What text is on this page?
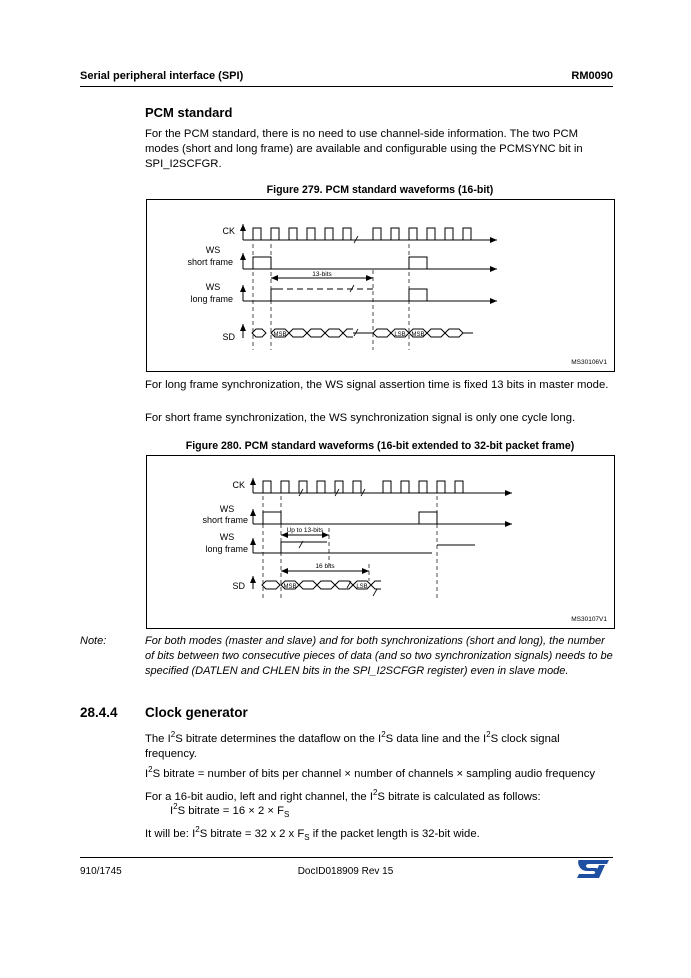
Serial peripheral interface (SPI)	RM0090
PCM standard
For the PCM standard, there is no need to use channel-side information. The two PCM modes (short and long frame) are available and configurable using the PCMSYNC bit in SPI_I2SCFGR.
Figure 279. PCM standard waveforms (16-bit)
CK
WS
short frame
WS
long frame
SD
13-bits
MSB	LSB MSB
MS30106V1
For long frame synchronization, the WS signal assertion time is fixed 13 bits in master mode.
For short frame synchronization, the WS synchronization signal is only one cycle long.
Figure 280. PCM standard waveforms (16-bit extended to 32-bit packet frame)
CK
WS
short frame
WS
long frame
SD
Up to 13-bits
16 bits
MSB	LSB
MS30107V1
Note:	For both modes (master and slave) and for both synchronizations (short and long), the number of bits between two consecutive pieces of data (and so two synchronization signals) needs to be specified (DATLEN and CHLEN bits in the SPI_I2SCFGR register) even in slave mode.
28.4.4 Clock generator
The $I^2S$ bitrate determines the dataflow on the $I^2S$ data line and the $I^2S$ clock signal
frequency.
$I^2S$ bitrate = number of bits per channel × number of channels × sampling audio frequency
For a 16-bit audio, left and right channel, the $I^2S$ bitrate is calculated as follows:
$I^2S$ bitrate = $16 \times 2 \times F_S$
It will be: $I^2S$ bitrate = 32 x 2 x $F_S$ if the packet length is 32-bit wide.
910/1745	DocID018909 Rev 15
